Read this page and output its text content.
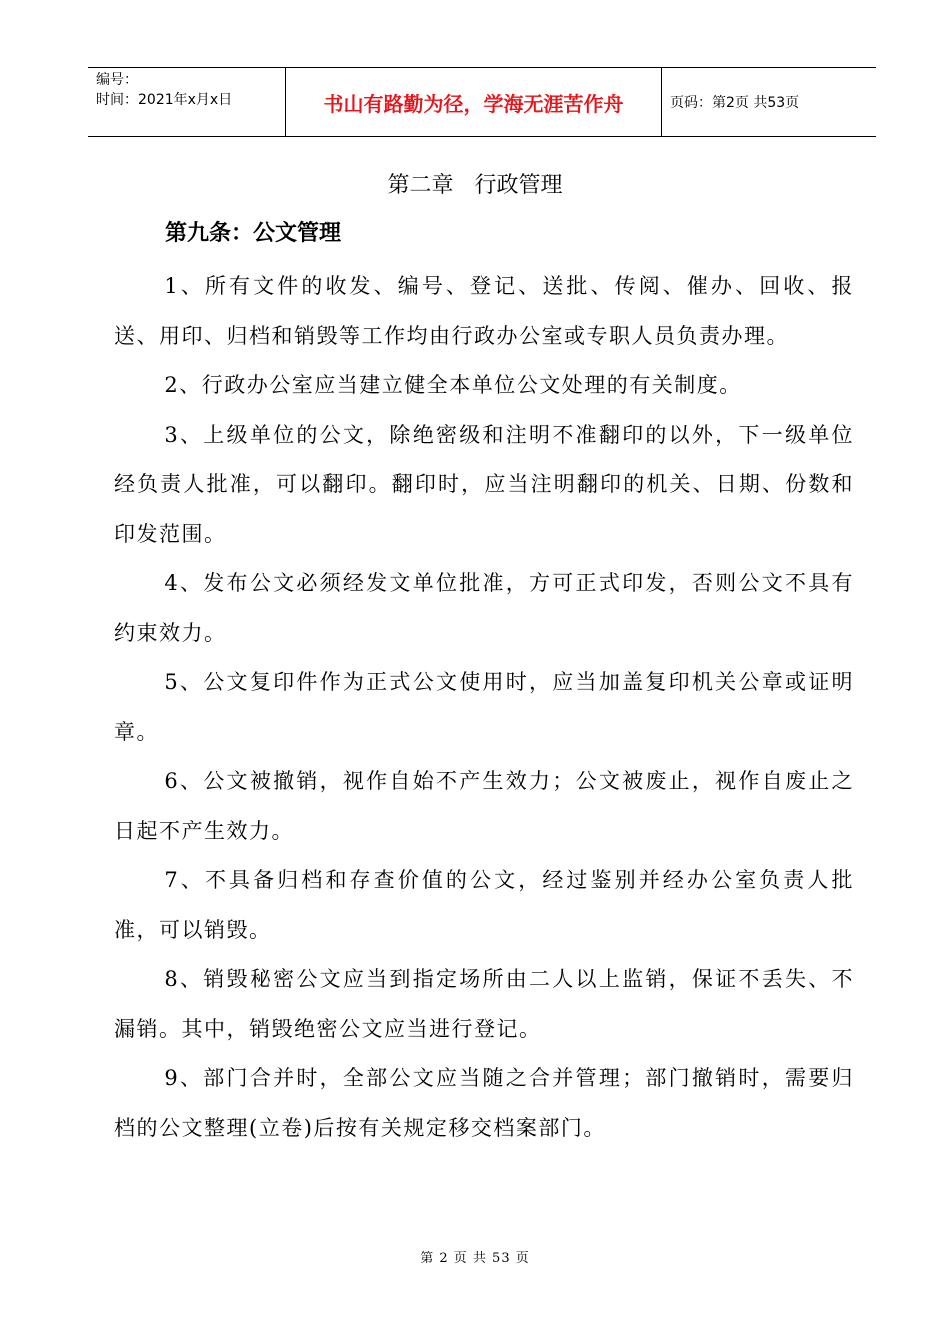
编号：
时间：2021年x月x日	书山有路勤为径，学海无涯苦作舟	页码：第2页 共53页
第二章   行政管理
第九条：公文管理

1、所有文件的收发、编号、登记、送批、传阅、催办、回收、报送、用印、归档和销毁等工作均由行政办公室或专职人员负责办理。

2、行政办公室应当建立健全本单位公文处理的有关制度。

3、上级单位的公文，除绝密级和注明不准翻印的以外，下一级单位经负责人批准，可以翻印。翻印时，应当注明翻印的机关、日期、份数和印发范围。

4、发布公文必须经发文单位批准，方可正式印发，否则公文不具有约束效力。

5、公文复印件作为正式公文使用时，应当加盖复印机关公章或证明章。

6、公文被撤销，视作自始不产生效力；公文被废止，视作自废止之日起不产生效力。

7、不具备归档和存查价值的公文，经过鉴别并经办公室负责人批准，可以销毁。

8、销毁秘密公文应当到指定场所由二人以上监销，保证不丢失、不漏销。其中，销毁绝密公文应当进行登记。

9、部门合并时，全部公文应当随之合并管理；部门撤销时，需要归档的公文整理(立卷)后按有关规定移交档案部门。

第 2 页 共 53 页
